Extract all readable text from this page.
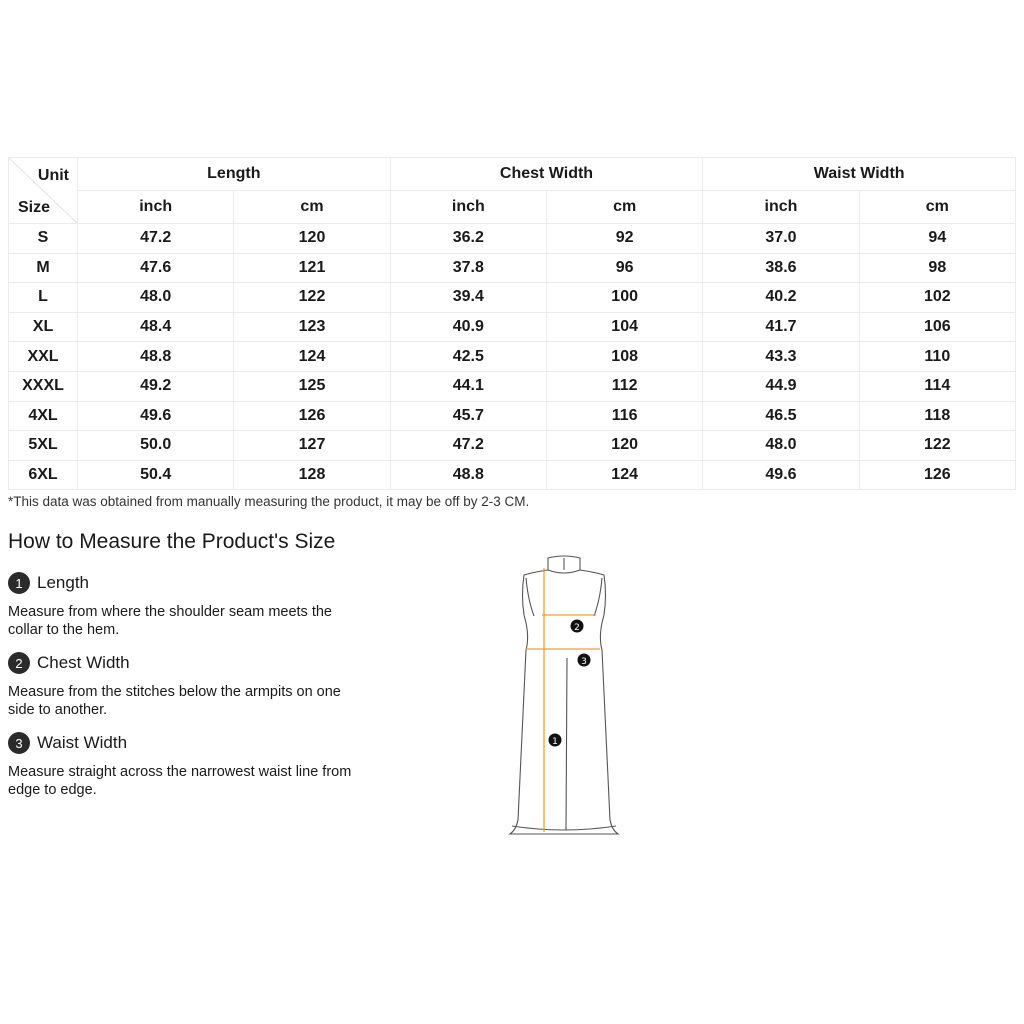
Unit
Size	Length		Chest Width		Waist Width	
	inch	cm	inch	cm	inch	cm
S	47.2	120	36.2	92	37.0	94
M	47.6	121	37.8	96	38.6	98
L	48.0	122	39.4	100	40.2	102
XL	48.4	123	40.9	104	41.7	106
XXL	48.8	124	42.5	108	43.3	110
XXXL	49.2	125	44.1	112	44.9	114
4XL	49.6	126	45.7	116	46.5	118
5XL	50.0	127	47.2	120	48.0	122
6XL	50.4	128	48.8	124	49.6	126
*This data was obtained from manually measuring the product, it may be off by 2-3 CM.
How to Measure the Product's Size
1 Length
Measure from where the shoulder seam meets the collar to the hem.
2 Chest Width
Measure from the stitches below the armpits on one side to another.
3 Waist Width
Measure straight across the narrowest waist line from edge to edge.
1
2
3
